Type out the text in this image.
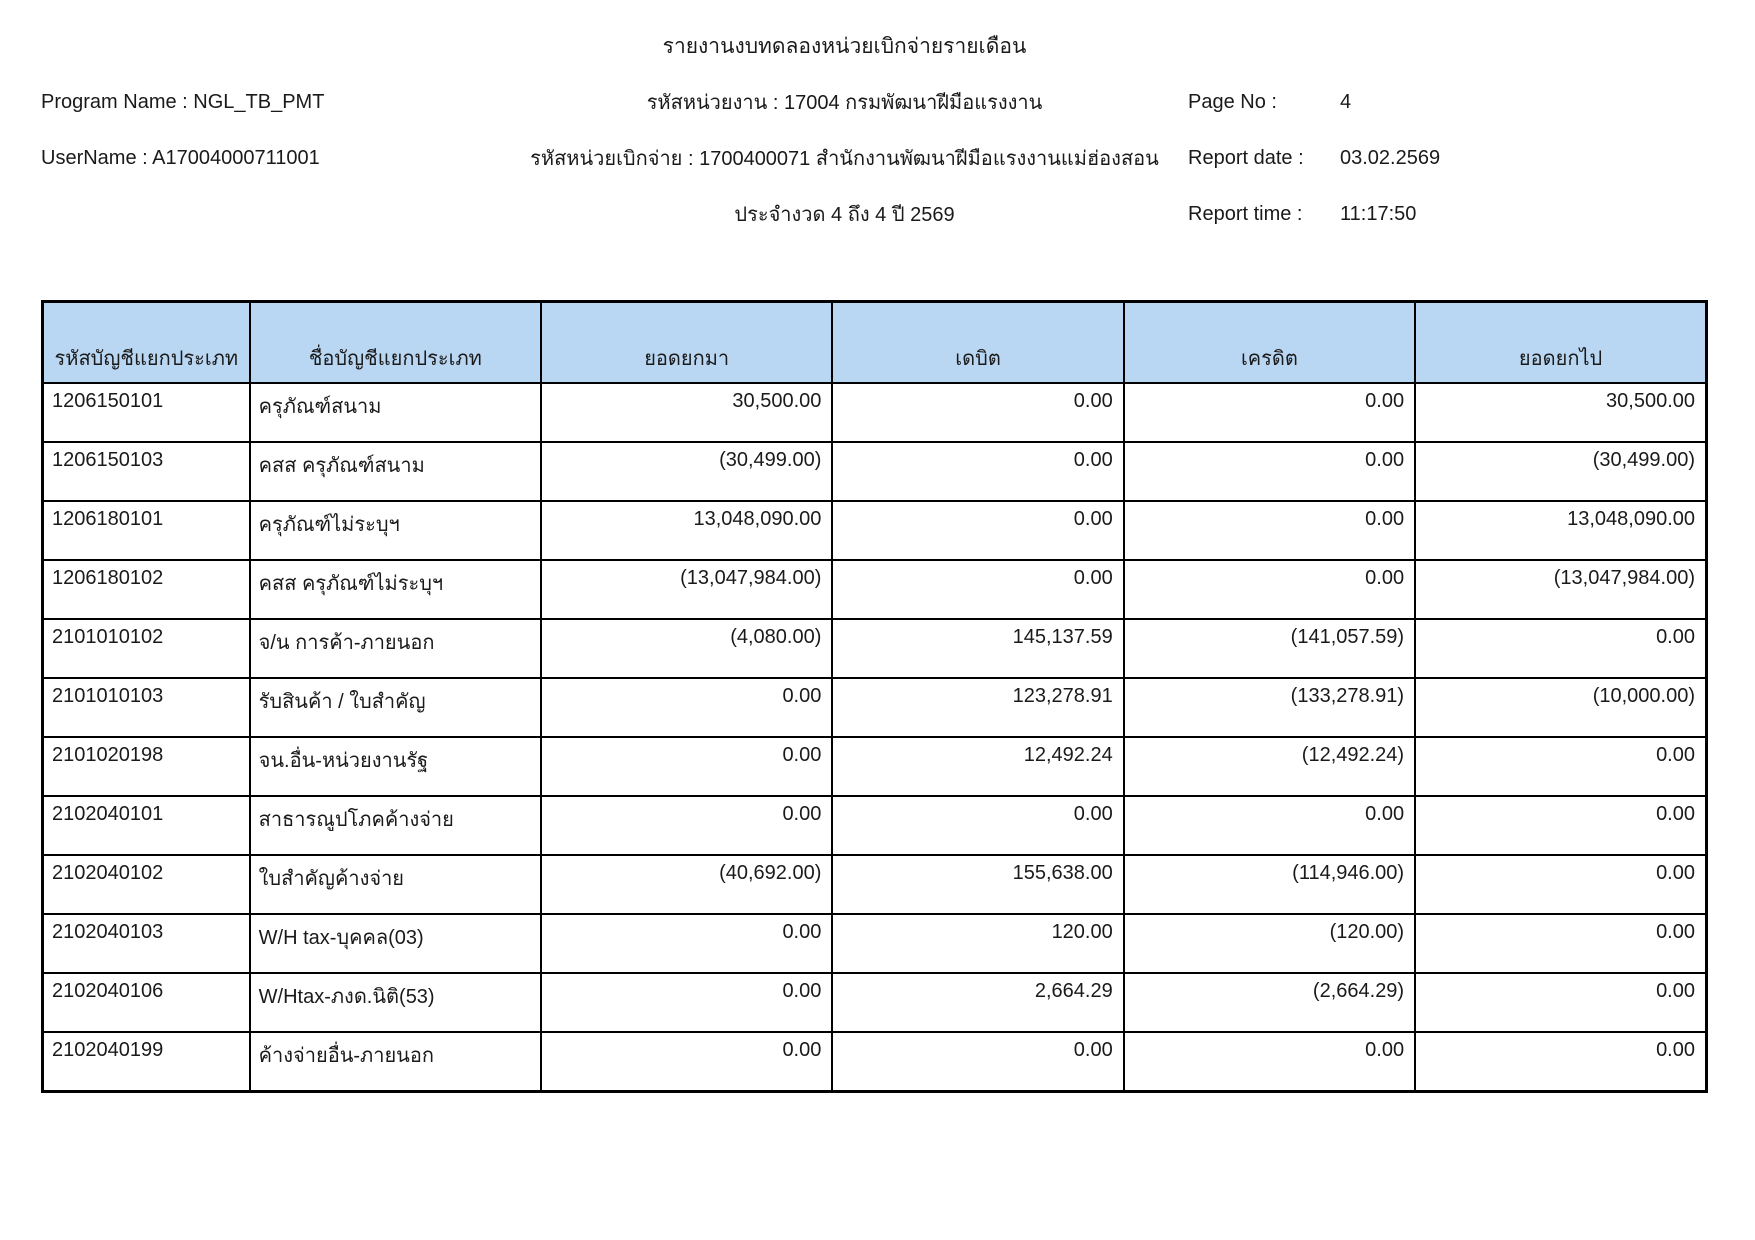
รายงานงบทดลองหน่วยเบิกจ่ายรายเดือน
Program Name : NGL_TB_PMT	รหัสหน่วยงาน : 17004 กรมพัฒนาฝีมือแรงงาน	Page No :	4
UserName : A17004000711001	รหัสหน่วยเบิกจ่าย : 1700400071 สำนักงานพัฒนาฝีมือแรงงานแม่ฮ่องสอน	Report date :	03.02.2569
ประจำงวด 4 ถึง 4 ปี 2569	Report time :	11:17:50
รหัสบัญชีแยกประเภท	ชื่อบัญชีแยกประเภท	ยอดยกมา	เดบิต	เครดิต	ยอดยกไป
1206150101	ครุภัณฑ์สนาม	30,500.00	0.00	0.00	30,500.00
1206150103	คสส ครุภัณฑ์สนาม	(30,499.00)	0.00	0.00	(30,499.00)
1206180101	ครุภัณฑ์ไม่ระบุฯ	13,048,090.00	0.00	0.00	13,048,090.00
1206180102	คสส ครุภัณฑ์ไม่ระบุฯ	(13,047,984.00)	0.00	0.00	(13,047,984.00)
2101010102	จ/น การค้า-ภายนอก	(4,080.00)	145,137.59	(141,057.59)	0.00
2101010103	รับสินค้า / ใบสำคัญ	0.00	123,278.91	(133,278.91)	(10,000.00)
2101020198	จน.อื่น-หน่วยงานรัฐ	0.00	12,492.24	(12,492.24)	0.00
2102040101	สาธารณูปโภคค้างจ่าย	0.00	0.00	0.00	0.00
2102040102	ใบสำคัญค้างจ่าย	(40,692.00)	155,638.00	(114,946.00)	0.00
2102040103	W/H tax-บุคคล(03)	0.00	120.00	(120.00)	0.00
2102040106	W/Htax-ภงด.นิติ(53)	0.00	2,664.29	(2,664.29)	0.00
2102040199	ค้างจ่ายอื่น-ภายนอก	0.00	0.00	0.00	0.00
